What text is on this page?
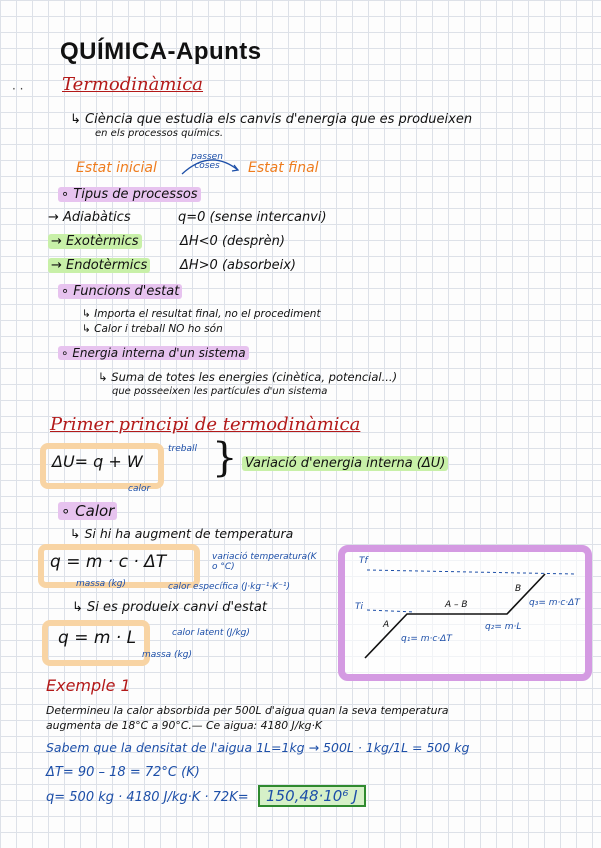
QUÍMICA-Apunts
· · Termodinàmica
↳ Ciència que estudia els canvis d'energia que es produeixen
en els processos químics.
Estat inicial
passen coses	Estat final
∘ Tipus de processos
→ Adiabàtics	q=0 (sense intercanvi)
→ Exotèrmics	ΔH<0 (desprèn)
→ Endotèrmics	ΔH>0 (absorbeix)
∘ Funcions d'estat
↳ Importa el resultat final, no el procediment
↳ Calor i treball NO ho són
∘ Energia interna d'un sistema
↳ Suma de totes les energies (cinètica, potencial...)
que posseeixen les partícules d'un sistema
Primer principi de termodinàmica
ΔU= q + W
treball
calor
} Variació d'energia interna (ΔU)
∘ Calor
↳ Si hi ha augment de temperatura
q = m · c · ΔT	variació temperatura(K o °C)
massa (kg)	calor específica (J·kg⁻¹·K⁻¹)
↳ Si es produeix canvi d'estat
q = m · L	calor latent (J/kg)
massa (kg)
Tf
Ti
A
A – B
B
q₃= m·c·ΔT
q₁= m·c·ΔT
q₂= m·L
Exemple 1
Determineu la calor absorbida per 500L d'aigua quan la seva temperatura
augmenta de 18°C a 90°C.— Ce aigua: 4180 J/kg·K
Sabem que la densitat de l'aigua 1L=1kg → 500L · 1kg/1L = 500 kg
ΔT= 90 – 18 = 72°C (K)
q= 500 kg · 4180 J/kg·K · 72K=	150,48·10⁶ J
